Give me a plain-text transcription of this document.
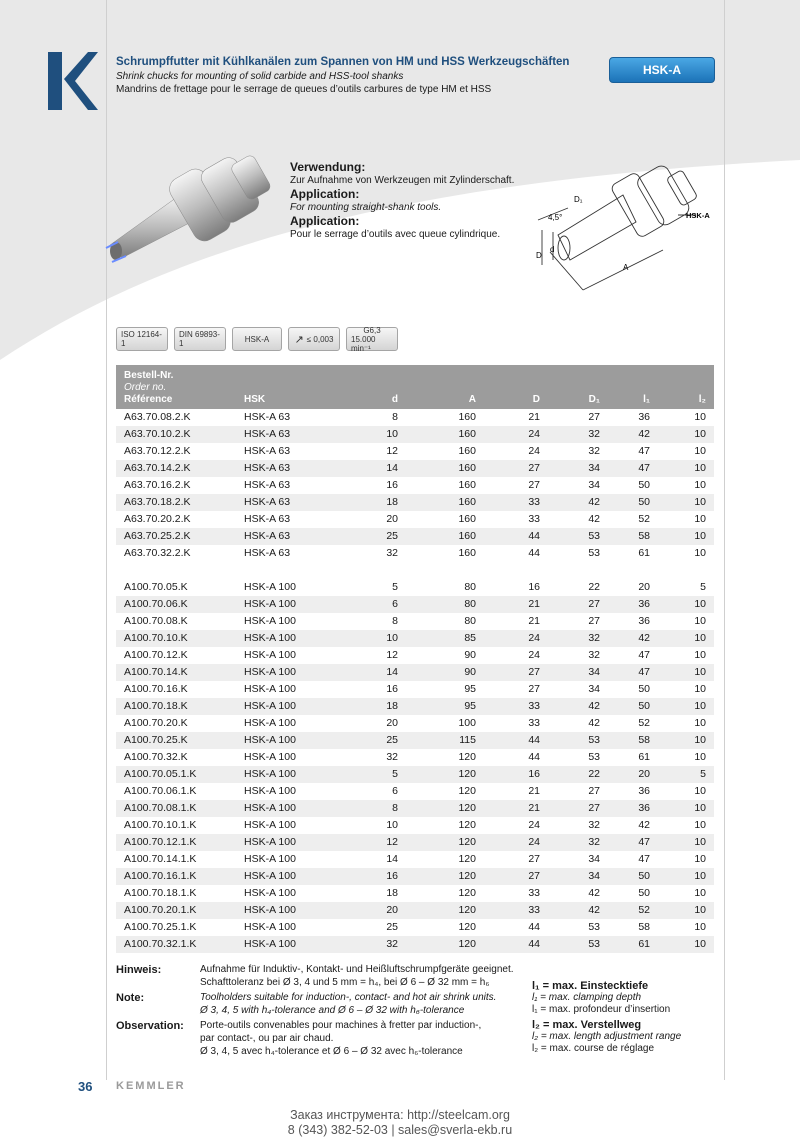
Schrumpffutter mit Kühlkanälen zum Spannen von HM und HSS Werkzeugschäften
Shrink chucks for mounting of solid carbide and HSS-tool shanks
Mandrins de frettage pour le serrage de queues d’outils carbures de type HM et HSS
HSK-A
Verwendung:
Zur Aufnahme von Werkzeugen mit Zylinderschaft.
Application:
For mounting straight-shank tools.
Application:
Pour le serrage d’outils avec queue cylindrique.
4,5°
D₁
D
d
A
HSK-A
ISO 12164-1
DIN 69893-1	HSK-A	↗ ≤ 0,003
G6,3
15.000 min⁻¹
Bestell-Nr.
Order no.
Référence	HSK	d	A	D	D₁	l₁	l₂
A63.70.08.2.K	HSK-A 63	8	160	21	27	36	10
A63.70.10.2.K	HSK-A 63	10	160	24	32	42	10
A63.70.12.2.K	HSK-A 63	12	160	24	32	47	10
A63.70.14.2.K	HSK-A 63	14	160	27	34	47	10
A63.70.16.2.K	HSK-A 63	16	160	27	34	50	10
A63.70.18.2.K	HSK-A 63	18	160	33	42	50	10
A63.70.20.2.K	HSK-A 63	20	160	33	42	52	10
A63.70.25.2.K	HSK-A 63	25	160	44	53	58	10
A63.70.32.2.K	HSK-A 63	32	160	44	53	61	10
A100.70.05.K	HSK-A 100	5	80	16	22	20	5
A100.70.06.K	HSK-A 100	6	80	21	27	36	10
A100.70.08.K	HSK-A 100	8	80	21	27	36	10
A100.70.10.K	HSK-A 100	10	85	24	32	42	10
A100.70.12.K	HSK-A 100	12	90	24	32	47	10
A100.70.14.K	HSK-A 100	14	90	27	34	47	10
A100.70.16.K	HSK-A 100	16	95	27	34	50	10
A100.70.18.K	HSK-A 100	18	95	33	42	50	10
A100.70.20.K	HSK-A 100	20	100	33	42	52	10
A100.70.25.K	HSK-A 100	25	115	44	53	58	10
A100.70.32.K	HSK-A 100	32	120	44	53	61	10
A100.70.05.1.K	HSK-A 100	5	120	16	22	20	5
A100.70.06.1.K	HSK-A 100	6	120	21	27	36	10
A100.70.08.1.K	HSK-A 100	8	120	21	27	36	10
A100.70.10.1.K	HSK-A 100	10	120	24	32	42	10
A100.70.12.1.K	HSK-A 100	12	120	24	32	47	10
A100.70.14.1.K	HSK-A 100	14	120	27	34	47	10
A100.70.16.1.K	HSK-A 100	16	120	27	34	50	10
A100.70.18.1.K	HSK-A 100	18	120	33	42	50	10
A100.70.20.1.K	HSK-A 100	20	120	33	42	52	10
A100.70.25.1.K	HSK-A 100	25	120	44	53	58	10
A100.70.32.1.K	HSK-A 100	32	120	44	53	61	10
Hinweis:	Aufnahme für Induktiv-, Kontakt- und Heißluftschrumpfgeräte geeignet.
Schafttoleranz bei Ø 3, 4 und 5 mm = h₄, bei Ø 6 – Ø 32 mm = h₆
Note:	Toolholders suitable for induction-, contact- and hot air shrink units.
Ø 3, 4, 5 with h₄-tolerance and Ø 6 – Ø 32 with h₆-tolerance
Observation: Porte-outils convenables pour machines à fretter par induction-,
par contact-, ou par air chaud.
Ø 3, 4, 5 avec h₄-tolerance et Ø 6 – Ø 32 avec h₆-tolerance
l₁ = max. Einstecktiefe
l₁ = max. clamping depth
l₁ = max. profondeur d’insertion
l₂ = max. Verstellweg
l₂ = max. length adjustment range
l₂ = max. course de réglage
36 KEMMLER
Заказ инструмента: http://steelcam.org
8 (343) 382-52-03 | sales@sverla-ekb.ru
